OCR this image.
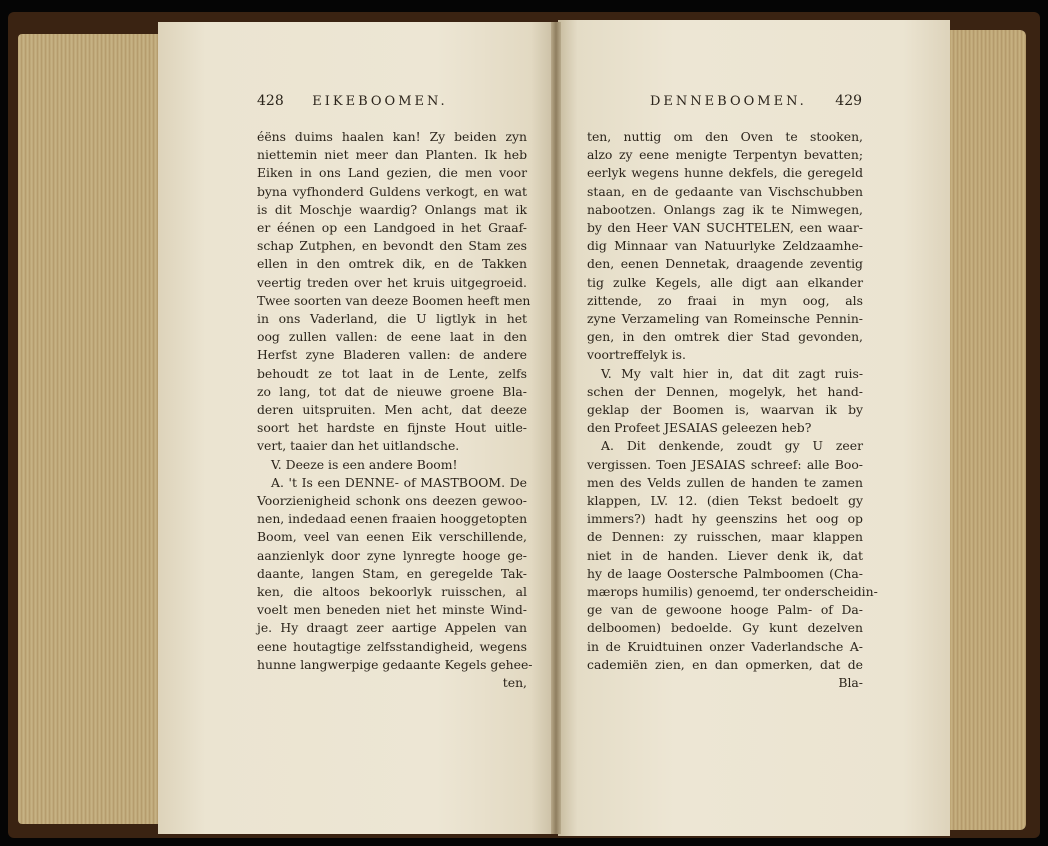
428 EIKEBOOMEN.	DENNEBOOMEN. 429
éëns duims haalen kan! Zy beiden zyn
niettemin niet meer dan Planten. Ik heb
Eiken in ons Land gezien, die men voor
byna vyfhonderd Guldens verkogt, en wat
is dit Moschje waardig? Onlangs mat ik
er éénen op een Landgoed in het Graaf-
schap Zutphen, en bevondt den Stam zes
ellen in den omtrek dik, en de Takken
veertig treden over het kruis uitgegroeid.
Twee soorten van deeze Boomen heeft men
in ons Vaderland, die U ligtlyk in het
oog zullen vallen: de eene laat in den
Herfst zyne Bladeren vallen: de andere
behoudt ze tot laat in de Lente, zelfs
zo lang, tot dat de nieuwe groene Bla-
deren uitspruiten. Men acht, dat deeze
soort het hardste en fijnste Hout uitle-
vert, taaier dan het uitlandsche.
V. Deeze is een andere Boom!
A. 't Is een DENNE- of MASTBOOM. De
Voorzienigheid schonk ons deezen gewoo-
nen, indedaad eenen fraaien hooggetopten
Boom, veel van eenen Eik verschillende,
aanzienlyk door zyne lynregte hooge ge-
daante, langen Stam, en geregelde Tak-
ken, die altoos bekoorlyk ruisschen, al
voelt men beneden niet het minste Wind-
je. Hy draagt zeer aartige Appelen van
eene houtagtige zelfsstandigheid, wegens
hunne langwerpige gedaante Kegels gehee-
ten,
ten, nuttig om den Oven te stooken,
alzo zy eene menigte Terpentyn bevatten;
eerlyk wegens hunne dekfels, die geregeld
staan, en de gedaante van Vischschubben
nabootzen. Onlangs zag ik te Nimwegen,
by den Heer VAN SUCHTELEN, een waar-
dig Minnaar van Natuurlyke Zeldzaamhe-
den, eenen Dennetak, draagende zeventig
tig zulke Kegels, alle digt aan elkander
zittende, zo fraai in myn oog, als
zyne Verzameling van Romeinsche Pennin-
gen, in den omtrek dier Stad gevonden,
voortreffelyk is.
V. My valt hier in, dat dit zagt ruis-
schen der Dennen, mogelyk, het hand-
geklap der Boomen is, waarvan ik by
den Profeet JESAIAS geleezen heb?
A. Dit denkende, zoudt gy U zeer
vergissen. Toen JESAIAS schreef: alle Boo-
men des Velds zullen de handen te zamen
klappen, LV. 12. (dien Tekst bedoelt gy
immers?) hadt hy geenszins het oog op
de Dennen: zy ruisschen, maar klappen
niet in de handen. Liever denk ik, dat
hy de laage Oostersche Palmboomen (Cha-
mærops humilis) genoemd, ter onderscheidin-
ge van de gewoone hooge Palm- of Da-
delboomen) bedoelde. Gy kunt dezelven
in de Kruidtuinen onzer Vaderlandsche A-
cademiën zien, en dan opmerken, dat de
Bla-
